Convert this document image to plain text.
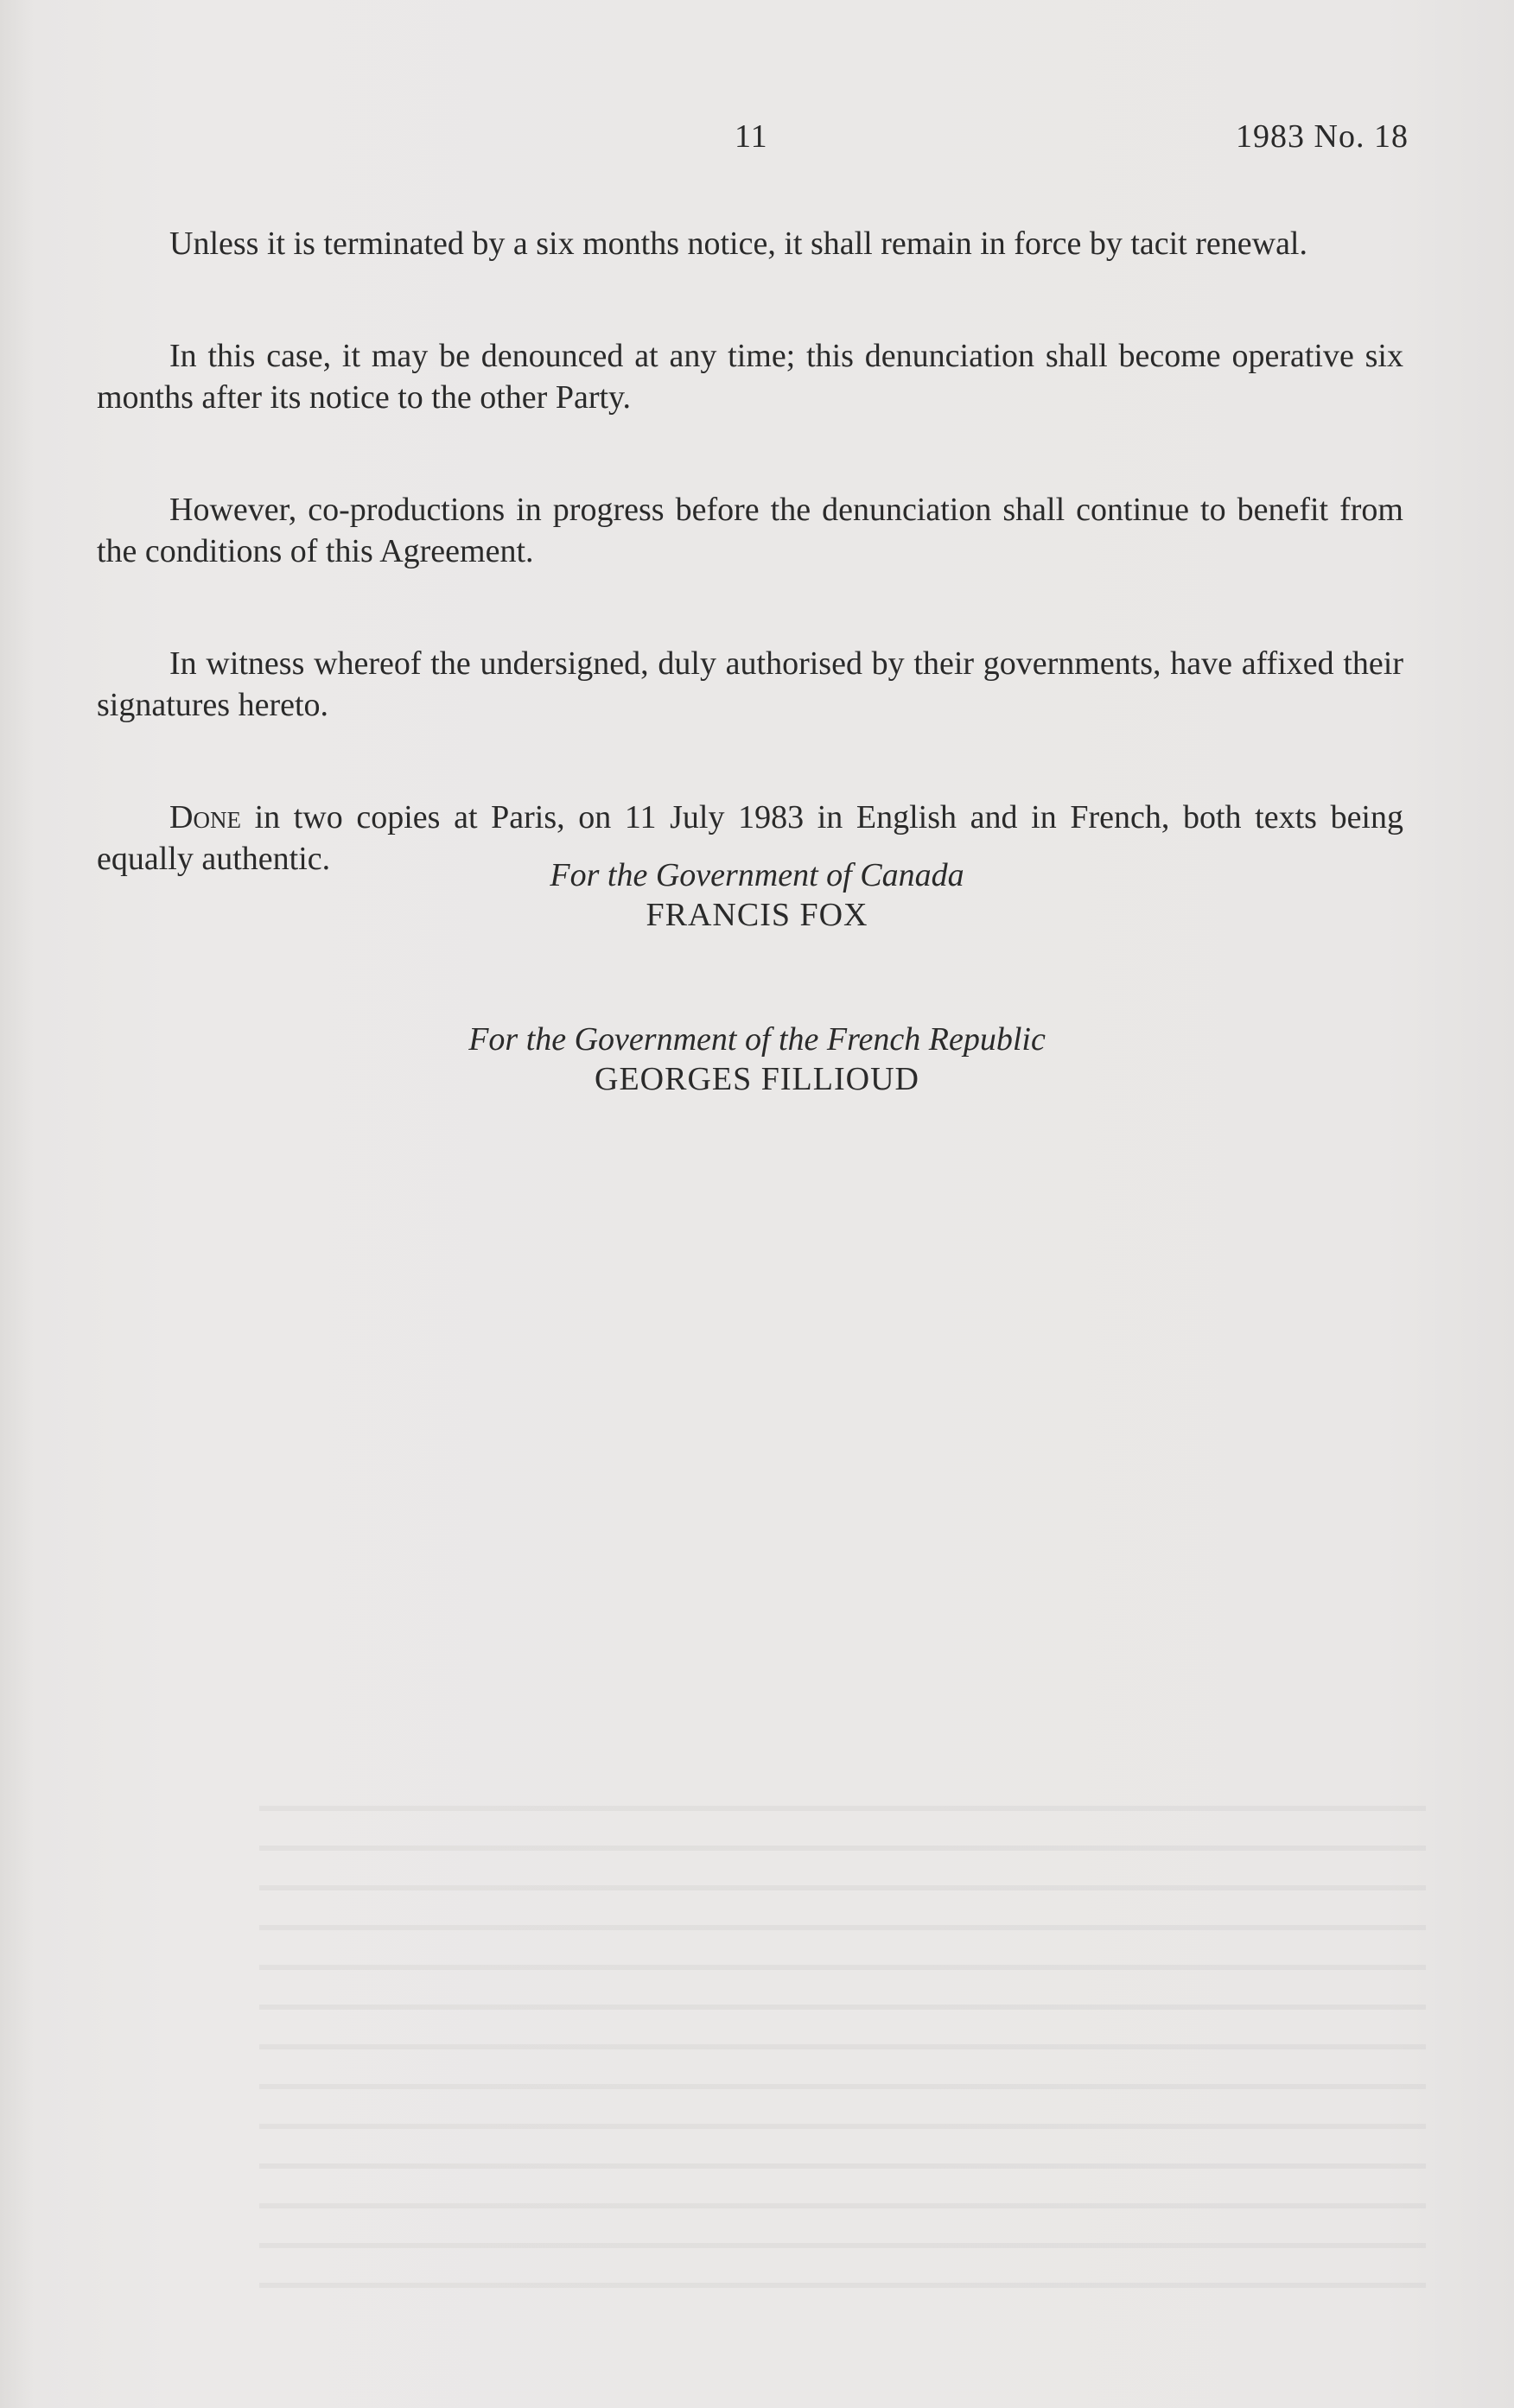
11	1983 No. 18

Unless it is terminated by a six months notice, it shall remain in force by tacit renewal.

In this case, it may be denounced at any time; this denunciation shall become operative six months after its notice to the other Party.

However, co-productions in progress before the denunciation shall continue to benefit from the conditions of this Agreement.

In witness whereof the undersigned, duly authorised by their governments, have affixed their signatures hereto.

Done in two copies at Paris, on 11 July 1983 in English and in French, both texts being equally authentic.	For the Government of Canada
FRANCIS FOX
For the Government of the French Republic
GEORGES FILLIOUD
